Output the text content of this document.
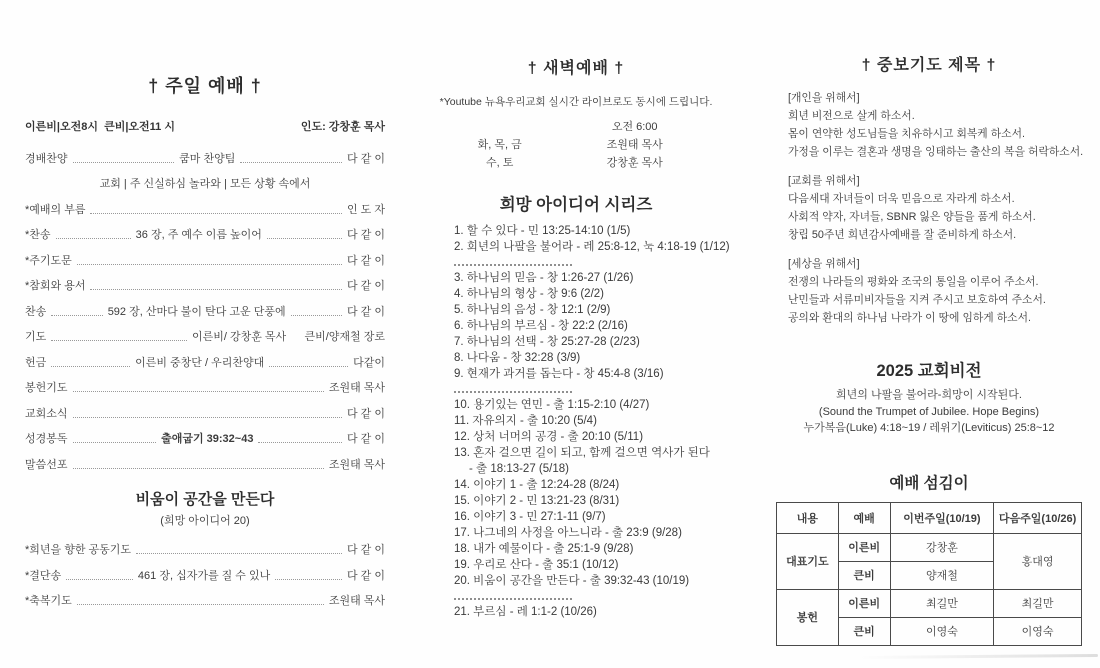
† 주일 예배 †
이른비|오전8시  큰비|오전11 시	인도: 강창훈 목사
경배찬양	쿰마 찬양팀	다 같 이
교회 | 주 신실하심 놀라와 | 모든 상황 속에서
*예배의 부름	인 도 자
*찬송	36 장, 주 예수 이름 높이어	다 같 이
*주기도문	다 같 이
*참회와 용서	다 같 이
찬송	592 장, 산마다 불이 탄다 고운 단풍에	다 같 이
기도	이른비/ 강창훈 목사      큰비/양재철 장로
헌금	이른비 중창단 / 우리찬양대	다같이
봉헌기도	조원태 목사
교회소식	다 같 이
성경봉독	출애굽기 39:32~43	다 같 이
말씀선포	조원태 목사
비움이 공간을 만든다
(희망 아이디어 20)
*희년을 향한 공동기도	다 같 이
*결단송	461 장, 십자가를 질 수 있나	다 같 이
*축복기도	조원태 목사
† 새벽예배 †
*Youtube 뉴욕우리교회 실시간 라이브로도 동시에 드립니다.
오전 6:00
화, 목, 금	조원태 목사
수, 토	강창훈 목사
희망 아이디어 시리즈
1. 할 수 있다 - 민 13:25-14:10 (1/5)
2. 희년의 나팔을 불어라 - 레 25:8-12, 눅 4:18-19 (1/12)
3. 하나님의 믿음 - 창 1:26-27 (1/26)
4. 하나님의 형상 - 창 9:6 (2/2)
5. 하나님의 음성 - 창 12:1 (2/9)
6. 하나님의 부르심 - 창 22:2 (2/16)
7. 하나님의 선택 - 창 25:27-28 (2/23)
8. 나다움 - 창 32:28 (3/9)
9. 현재가 과거를 돕는다 - 창 45:4-8 (3/16)
10. 용기있는 연민 - 출 1:15-2:10 (4/27)
11. 자유의지 - 출 10:20 (5/4)
12. 상처 너머의 공경 - 출 20:10 (5/11)
13. 혼자 걸으면 길이 되고, 함께 걸으면 역사가 된다
- 출 18:13-27 (5/18)
14. 이야기 1 - 출 12:24-28 (8/24)
15. 이야기 2 - 민 13:21-23 (8/31)
16. 이야기 3 - 민 27:1-11 (9/7)
17. 나그네의 사정을 아느니라 - 출 23:9 (9/28)
18. 내가 예물이다 - 출 25:1-9 (9/28)
19. 우리로 산다 - 출 35:1 (10/12)
20. 비움이 공간을 만든다 - 출 39:32-43 (10/19)
21. 부르심 - 레 1:1-2 (10/26)
† 중보기도 제목 †
[개인을 위해서]
희년 비전으로 살게 하소서.
몸이 연약한 성도님들을 치유하시고 회복케 하소서.
가정을 이루는 결혼과 생명을 잉태하는 출산의 복을 허락하소서.
[교회를 위해서]
다음세대 자녀들이 더욱 믿음으로 자라게 하소서.
사회적 약자, 자녀들, SBNR 잃은 양들을 품게 하소서.
창립 50주년 희년감사예배를 잘 준비하게 하소서.
[세상을 위해서]
전쟁의 나라들의 평화와 조국의 통일을 이루어 주소서.
난민들과 서류미비자들을 지켜 주시고 보호하여 주소서.
공의와 환대의 하나님 나라가 이 땅에 임하게 하소서.
2025 교회비전
희년의 나팔을 불어라-희망이 시작된다.
(Sound the Trumpet of Jubilee. Hope Begins)
누가복음(Luke) 4:18~19 / 레위기(Leviticus) 25:8~12
예배 섬김이
내용	예배	이번주일(10/19)	다음주일(10/26)
대표기도	이른비	강창훈	홍대영
	큰비	양재철	
봉헌	이른비	최길만	최길만
	큰비	이영숙	이영숙
